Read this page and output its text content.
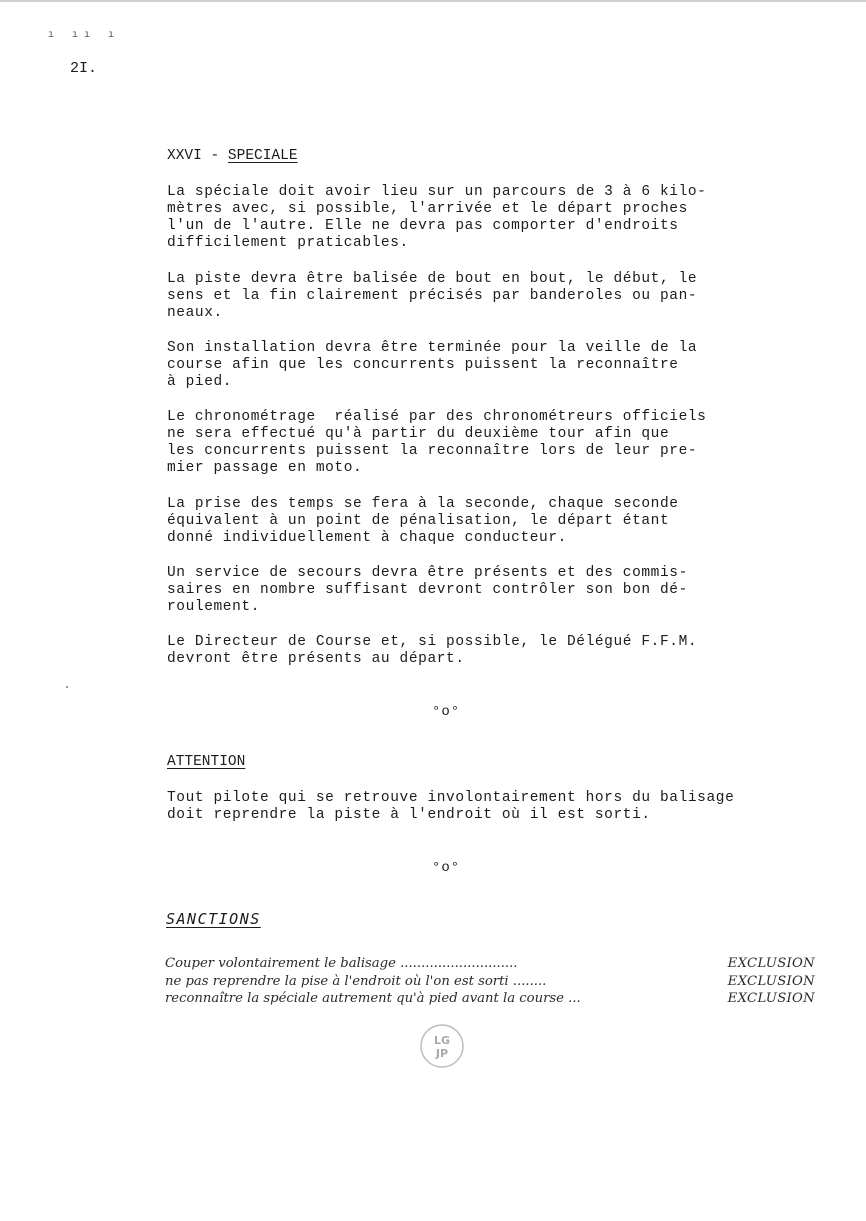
ı ıı ı
2I.
XXVI - SPECIALE
La spéciale doit avoir lieu sur un parcours de 3 à 6 kilo-
mètres avec, si possible, l'arrivée et le départ proches
l'un de l'autre. Elle ne devra pas comporter d'endroits
difficilement praticables.
La piste devra être balisée de bout en bout, le début, le
sens et la fin clairement précisés par banderoles ou pan-
neaux.
Son installation devra être terminée pour la veille de la
course afin que les concurrents puissent la reconnaître
à pied.
Le chronométrage  réalisé par des chronométreurs officiels
ne sera effectué qu'à partir du deuxième tour afin que
les concurrents puissent la reconnaître lors de leur pre-
mier passage en moto.
La prise des temps se fera à la seconde, chaque seconde
équivalent à un point de pénalisation, le départ étant
donné individuellement à chaque conducteur.
Un service de secours devra être présents et des commis-
saires en nombre suffisant devront contrôler son bon dé-
roulement.
Le Directeur de Course et, si possible, le Délégué F.F.M.
devront être présents au départ.
°o°
ATTENTION
Tout pilote qui se retrouve involontairement hors du balisage
doit reprendre la piste à l'endroit où il est sorti.
°o°
SANCTIONS
Couper volontairement le balisage ............................	EXCLUSION
ne pas reprendre la pise à l'endroit où l'on est sorti ........	EXCLUSION
reconnaître la spéciale autrement qu'à pied avant la course ...	EXCLUSION
LG
JP
